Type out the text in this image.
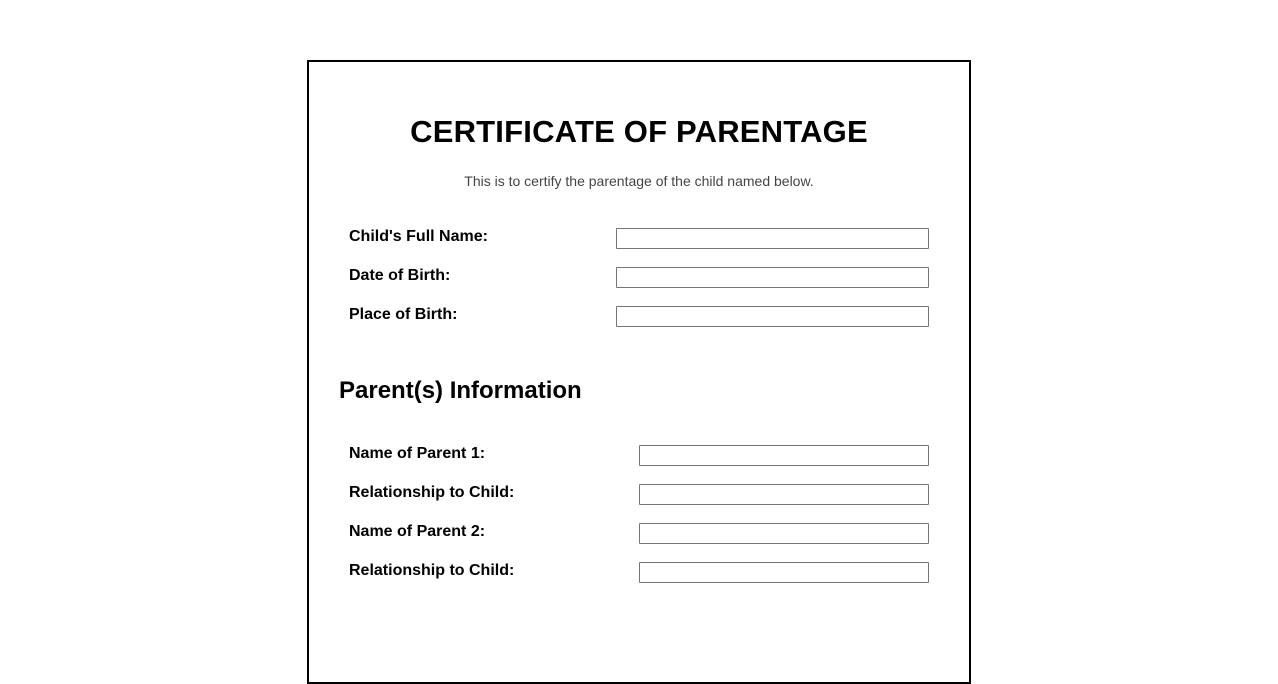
CERTIFICATE OF PARENTAGE
This is to certify the parentage of the child named below.
Child's Full Name:
Date of Birth:
Place of Birth:
Parent(s) Information
Name of Parent 1:
Relationship to Child:
Name of Parent 2:
Relationship to Child:
